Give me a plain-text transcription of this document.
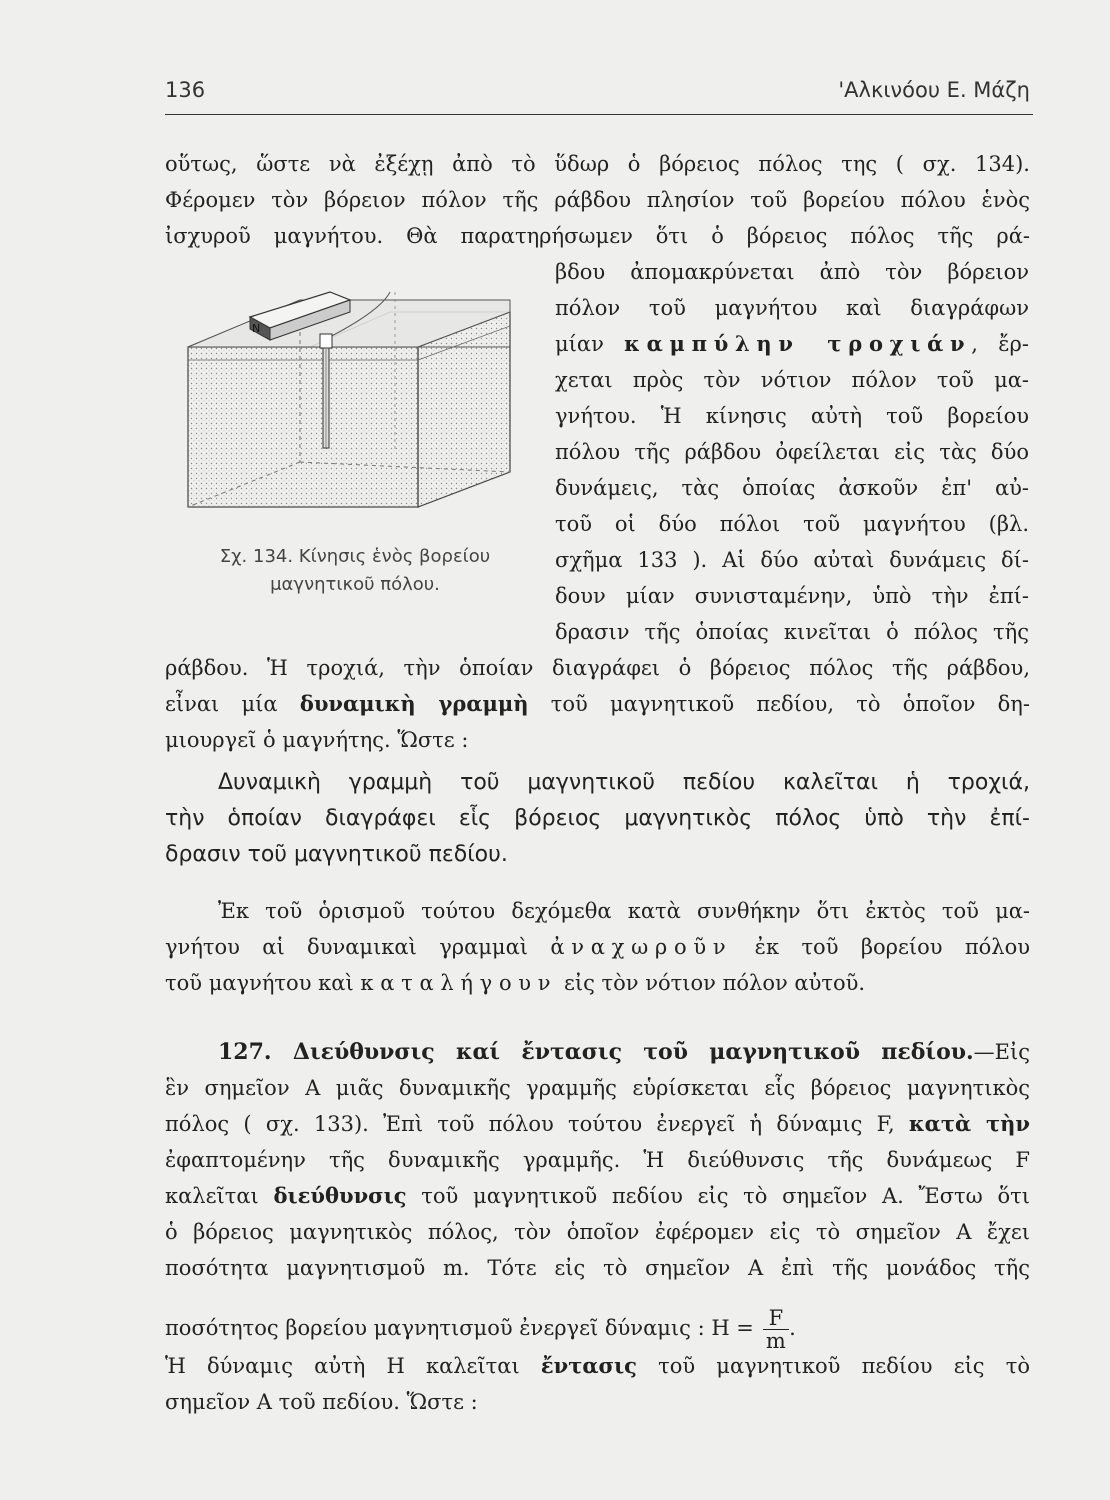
136	'Αλκινόου Ε. Μάζη
οὕτως, ὥστε νὰ ἐξέχῃ ἀπὸ τὸ ὕδωρ ὁ βόρειος πόλος της ( σχ. 134).
Φέρομεν τὸν βόρειον πόλον τῆς ράβδου πλησίον τοῦ βορείου πόλου ἑνὸς
ἰσχυροῦ μαγνήτου. Θὰ παρατηρήσωμεν ὅτι ὁ βόρειος πόλος τῆς ρά-
N
Σχ. 134. Κίνησις ἑνὸς βορείου
μαγνητικοῦ πόλου.
βδου ἀπομακρύνεται ἀπὸ τὸν βόρειον
πόλον τοῦ μαγνήτου καὶ διαγράφων
μίαν καμπύλην τροχιάν, ἔρ-
χεται πρὸς τὸν νότιον πόλον τοῦ μα-
γνήτου. Ἡ κίνησις αὐτὴ τοῦ βορείου
πόλου τῆς ράβδου ὀφείλεται εἰς τὰς δύο
δυνάμεις, τὰς ὁποίας ἀσκοῦν ἐπ' αὐ-
τοῦ οἱ δύο πόλοι τοῦ μαγνήτου (βλ.
σχῆμα 133 ). Αἱ δύο αὐταὶ δυνάμεις δί-
δουν μίαν συνισταμένην, ὑπὸ τὴν ἐπί-
δρασιν τῆς ὁποίας κινεῖται ὁ πόλος τῆς
ράβδου. Ἡ τροχιά, τὴν ὁποίαν διαγράφει ὁ βόρειος πόλος τῆς ράβδου,
εἶναι μία δυναμικὴ γραμμὴ τοῦ μαγνητικοῦ πεδίου, τὸ ὁποῖον δη-
μιουργεῖ ὁ μαγνήτης. Ὥστε :
Δυναμικὴ γραμμὴ τοῦ μαγνητικοῦ πεδίου καλεῖται ἡ τροχιά,
τὴν ὁποίαν διαγράφει εἷς βόρειος μαγνητικὸς πόλος ὑπὸ τὴν ἐπί-
δρασιν τοῦ μαγνητικοῦ πεδίου.
Ἐκ τοῦ ὁρισμοῦ τούτου δεχόμεθα κατὰ συνθήκην ὅτι ἐκτὸς τοῦ μα-
γνήτου αἱ δυναμικαὶ γραμμαὶ ἀναχωροῦν ἐκ τοῦ βορείου πόλου
τοῦ μαγνήτου καὶ καταλήγουν εἰς τὸν νότιον πόλον αὐτοῦ.
127. Διεύθυνσις καί ἔντασις τοῦ μαγνητικοῦ πεδίου.—Εἰς
ἓν σημεῖον Α μιᾶς δυναμικῆς γραμμῆς εὑρίσκεται εἷς βόρειος μαγνητικὸς
πόλος ( σχ. 133). Ἐπὶ τοῦ πόλου τούτου ἐνεργεῖ ἡ δύναμις F, κατὰ τὴν
ἐφαπτομένην τῆς δυναμικῆς γραμμῆς. Ἡ διεύθυνσις τῆς δυνάμεως F
καλεῖται διεύθυνσις τοῦ μαγνητικοῦ πεδίου εἰς τὸ σημεῖον Α. Ἔστω ὅτι
ὁ βόρειος μαγνητικὸς πόλος, τὸν ὁποῖον ἐφέρομεν εἰς τὸ σημεῖον Α ἔχει
ποσότητα μαγνητισμοῦ m. Τότε εἰς τὸ σημεῖον Α ἐπὶ τῆς μονάδος τῆς
ποσότητος βορείου μαγνητισμοῦ ἐνεργεῖ δύναμις : $H = \frac{F}{m}$ .
Ἡ δύναμις αὐτὴ H καλεῖται ἔντασις τοῦ μαγνητικοῦ πεδίου εἰς τὸ
σημεῖον Α τοῦ πεδίου. Ὥστε :
